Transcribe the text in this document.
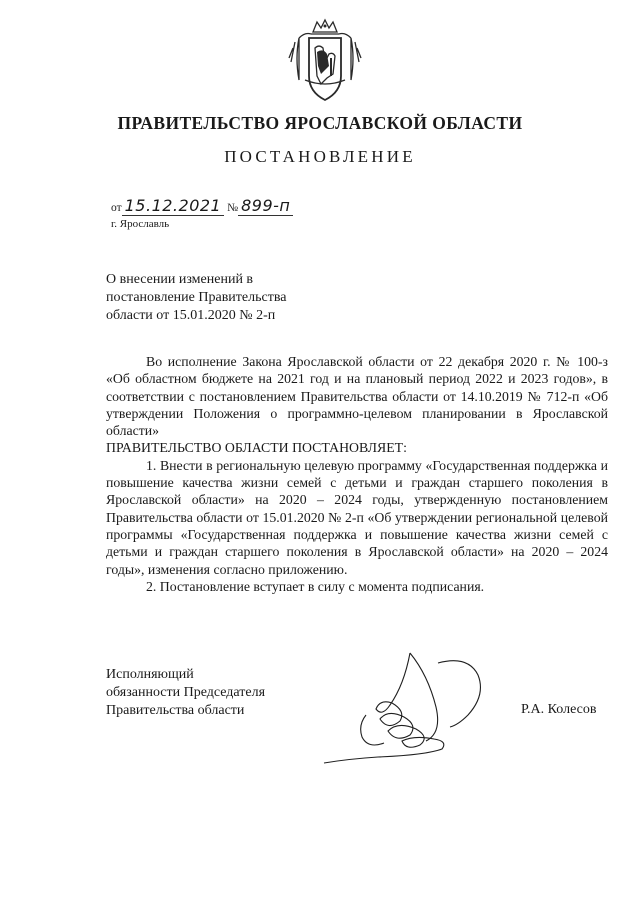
ПРАВИТЕЛЬСТВО ЯРОСЛАВСКОЙ ОБЛАСТИ
ПОСТАНОВЛЕНИЕ
от 15.12.2021 № 899-п
г. Ярославль
О внесении изменений в
постановление Правительства
области от 15.01.2020 № 2-п

Во исполнение Закона Ярославской области от 22 декабря 2020 г. № 100-з «Об областном бюджете на 2021 год и на плановый период 2022 и 2023 годов», в соответствии с постановлением Правительства области от 14.10.2019 № 712-п «Об утверждении Положения о программно-целевом планировании в Ярославской области»

ПРАВИТЕЛЬСТВО ОБЛАСТИ ПОСТАНОВЛЯЕТ:

1. Внести в региональную целевую программу «Государственная поддержка и повышение качества жизни семей с детьми и граждан старшего поколения в Ярославской области» на 2020 – 2024 годы, утвержденную постановлением Правительства области от 15.01.2020 № 2-п «Об утверждении региональной целевой программы «Государственная поддержка и повышение качества жизни семей с детьми и граждан старшего поколения в Ярославской области» на 2020 – 2024 годы», изменения согласно приложению.

2. Постановление вступает в силу с момента подписания.

Исполняющий
обязанности Председателя
Правительства области	Р.А. Колесов
